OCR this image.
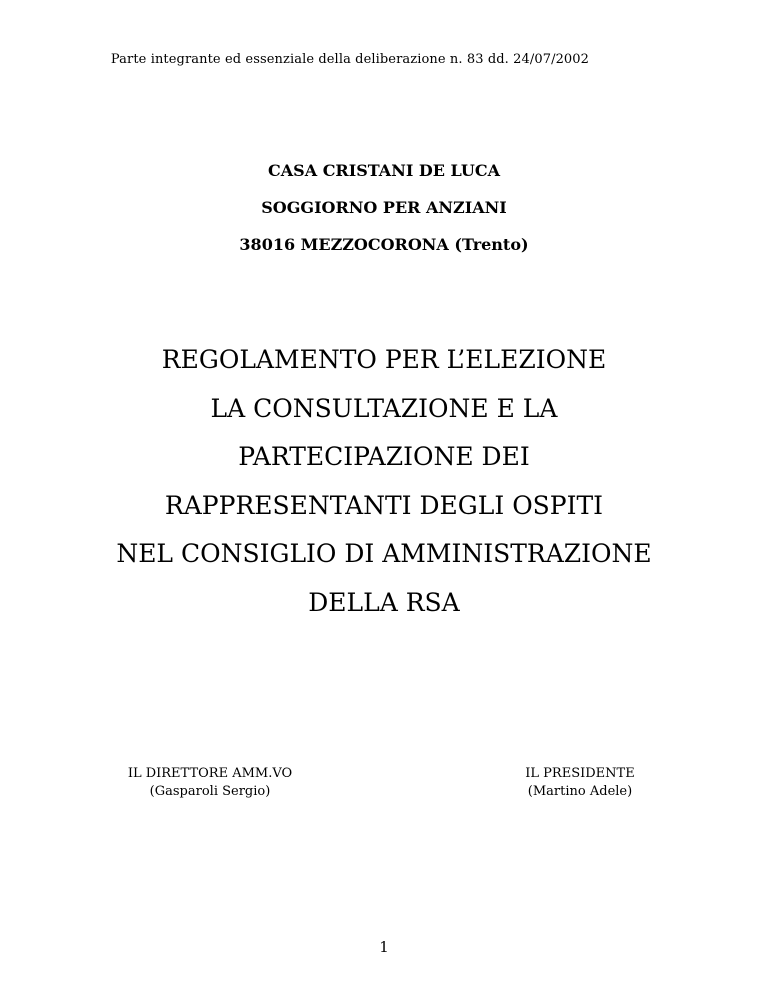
Parte integrante ed essenziale della deliberazione n. 83 dd. 24/07/2002
CASA CRISTANI DE LUCA
SOGGIORNO PER ANZIANI
38016 MEZZOCORONA (Trento)
REGOLAMENTO PER L’ELEZIONE
LA CONSULTAZIONE E LA
PARTECIPAZIONE DEI
RAPPRESENTANTI DEGLI OSPITI
NEL CONSIGLIO DI AMMINISTRAZIONE
DELLA RSA
IL DIRETTORE AMM.VO
(Gasparoli Sergio)
IL PRESIDENTE
(Martino Adele)
1
